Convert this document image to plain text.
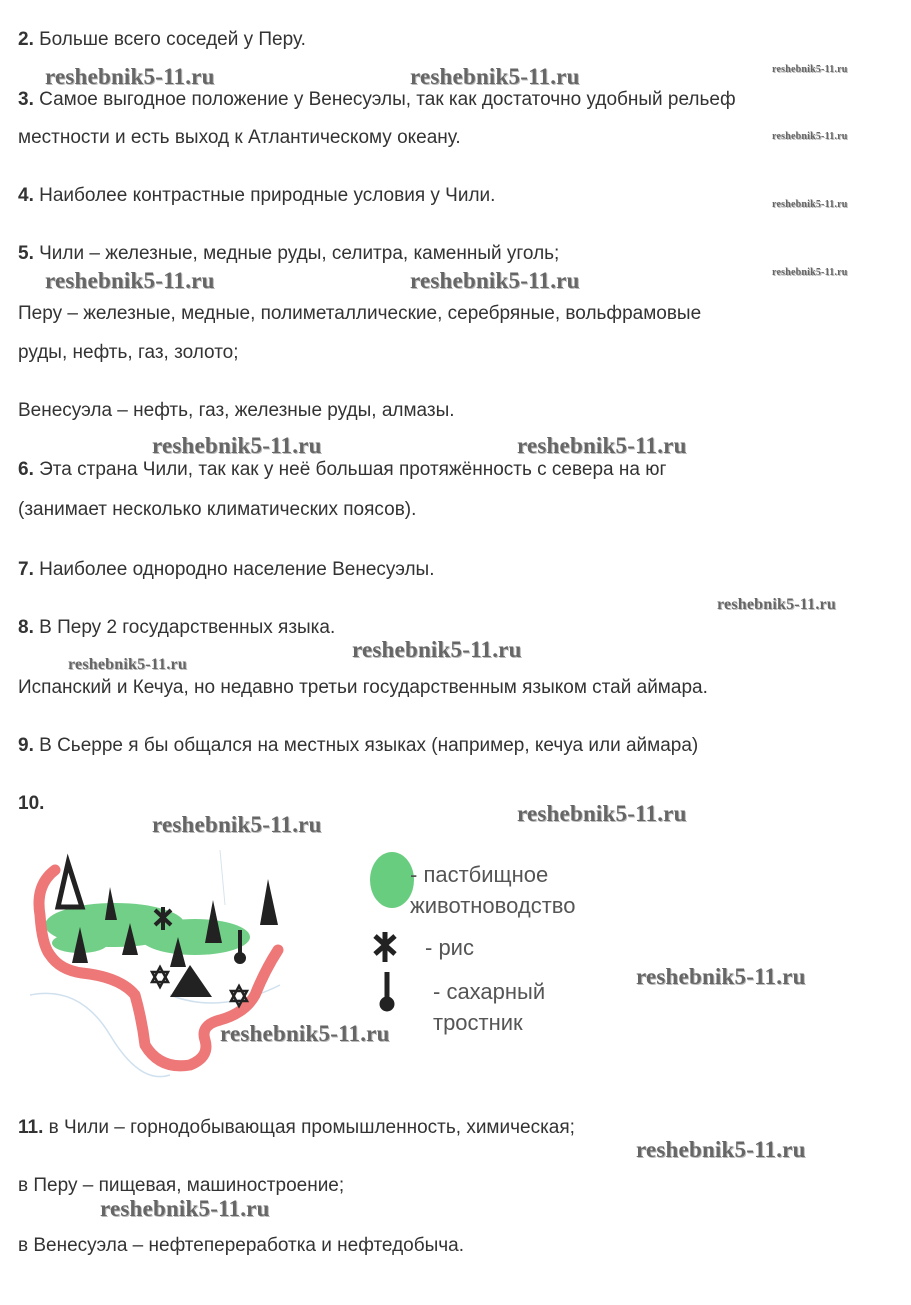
2. Больше всего соседей у Перу.
3. Самое выгодное положение у Венесуэлы, так как достаточно удобный рельеф
местности и есть выход к Атлантическому океану.
4. Наиболее контрастные природные условия у Чили.
5. Чили – железные, медные руды, селитра, каменный уголь;
Перу – железные, медные, полиметаллические, серебряные, вольфрамовые
руды, нефть, газ, золото;
Венесуэла – нефть, газ, железные руды, алмазы.
6. Эта страна Чили, так как у неё большая протяжённость с севера на юг
(занимает несколько климатических поясов).
7. Наиболее однородно население Венесуэлы.
8. В Перу 2 государственных языка.
Испанский и Кечуа, но недавно третьи государственным языком стай аймара.
9. В Сьерре я бы общался на местных языках (например, кечуа или аймара)
10.
11. в Чили – горнодобывающая промышленность, химическая;
в Перу – пищевая, машиностроение;
в Венесуэла – нефтепереработка и нефтедобыча.
- пастбищное
животноводство
- рис
- сахарный
тростник
reshebnik5-11.ru	reshebnik5-11.ru	reshebnik5-11.ru
reshebnik5-11.ru
reshebnik5-11.ru
reshebnik5-11.ru	reshebnik5-11.ru	reshebnik5-11.ru
reshebnik5-11.ru	reshebnik5-11.ru
reshebnik5-11.ru
reshebnik5-11.ru
reshebnik5-11.ru
reshebnik5-11.ru
reshebnik5-11.ru
reshebnik5-11.ru
reshebnik5-11.ru
reshebnik5-11.ru
reshebnik5-11.ru
